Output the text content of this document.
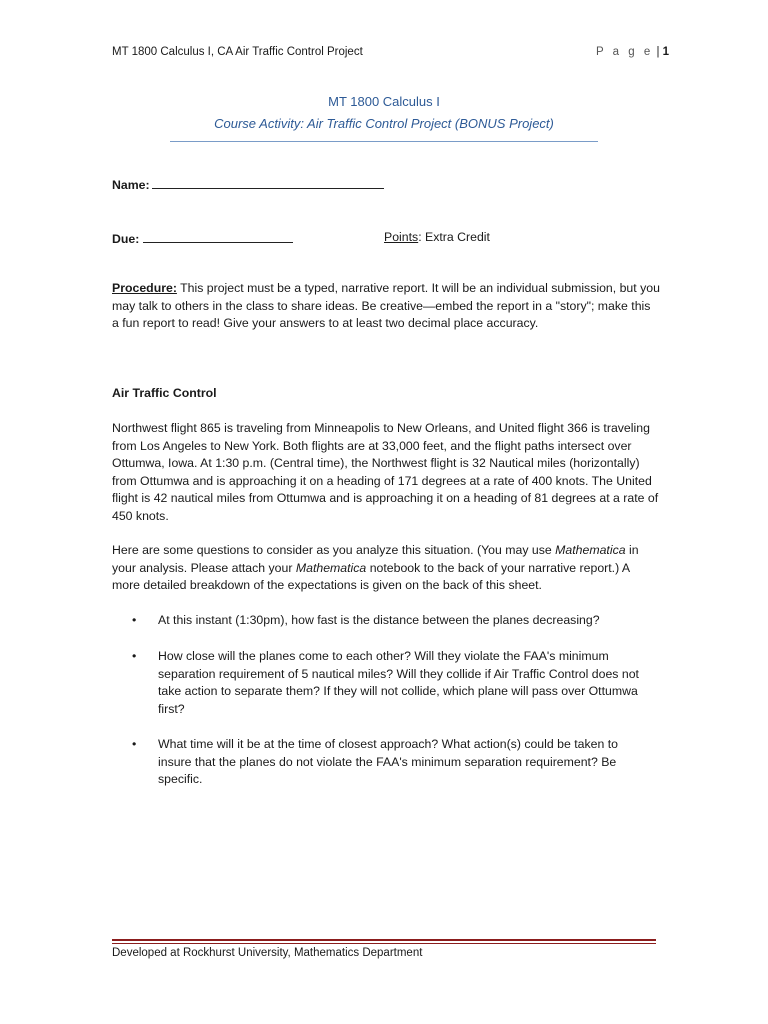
MT 1800 Calculus I, CA Air Traffic Control Project	P a g e | 1
MT 1800 Calculus I
Course Activity: Air Traffic Control Project (BONUS Project)
Name:
Due:	Points: Extra Credit
Procedure: This project must be a typed, narrative report. It will be an individual submission, but you may talk to others in the class to share ideas. Be creative—embed the report in a "story"; make this a fun report to read! Give your answers to at least two decimal place accuracy.
Air Traffic Control
Northwest flight 865 is traveling from Minneapolis to New Orleans, and United flight 366 is traveling from Los Angeles to New York. Both flights are at 33,000 feet, and the flight paths intersect over Ottumwa, Iowa. At 1:30 p.m. (Central time), the Northwest flight is 32 Nautical miles (horizontally) from Ottumwa and is approaching it on a heading of 171 degrees at a rate of 400 knots. The United flight is 42 nautical miles from Ottumwa and is approaching it on a heading of 81 degrees at a rate of 450 knots.
Here are some questions to consider as you analyze this situation. (You may use Mathematica in your analysis. Please attach your Mathematica notebook to the back of your narrative report.) A more detailed breakdown of the expectations is given on the back of this sheet.
• At this instant (1:30pm), how fast is the distance between the planes decreasing?
• How close will the planes come to each other? Will they violate the FAA's minimum separation requirement of 5 nautical miles? Will they collide if Air Traffic Control does not take action to separate them? If they will not collide, which plane will pass over Ottumwa first?
• What time will it be at the time of closest approach? What action(s) could be taken to insure that the planes do not violate the FAA's minimum separation requirement? Be specific.
Developed at Rockhurst University, Mathematics Department
